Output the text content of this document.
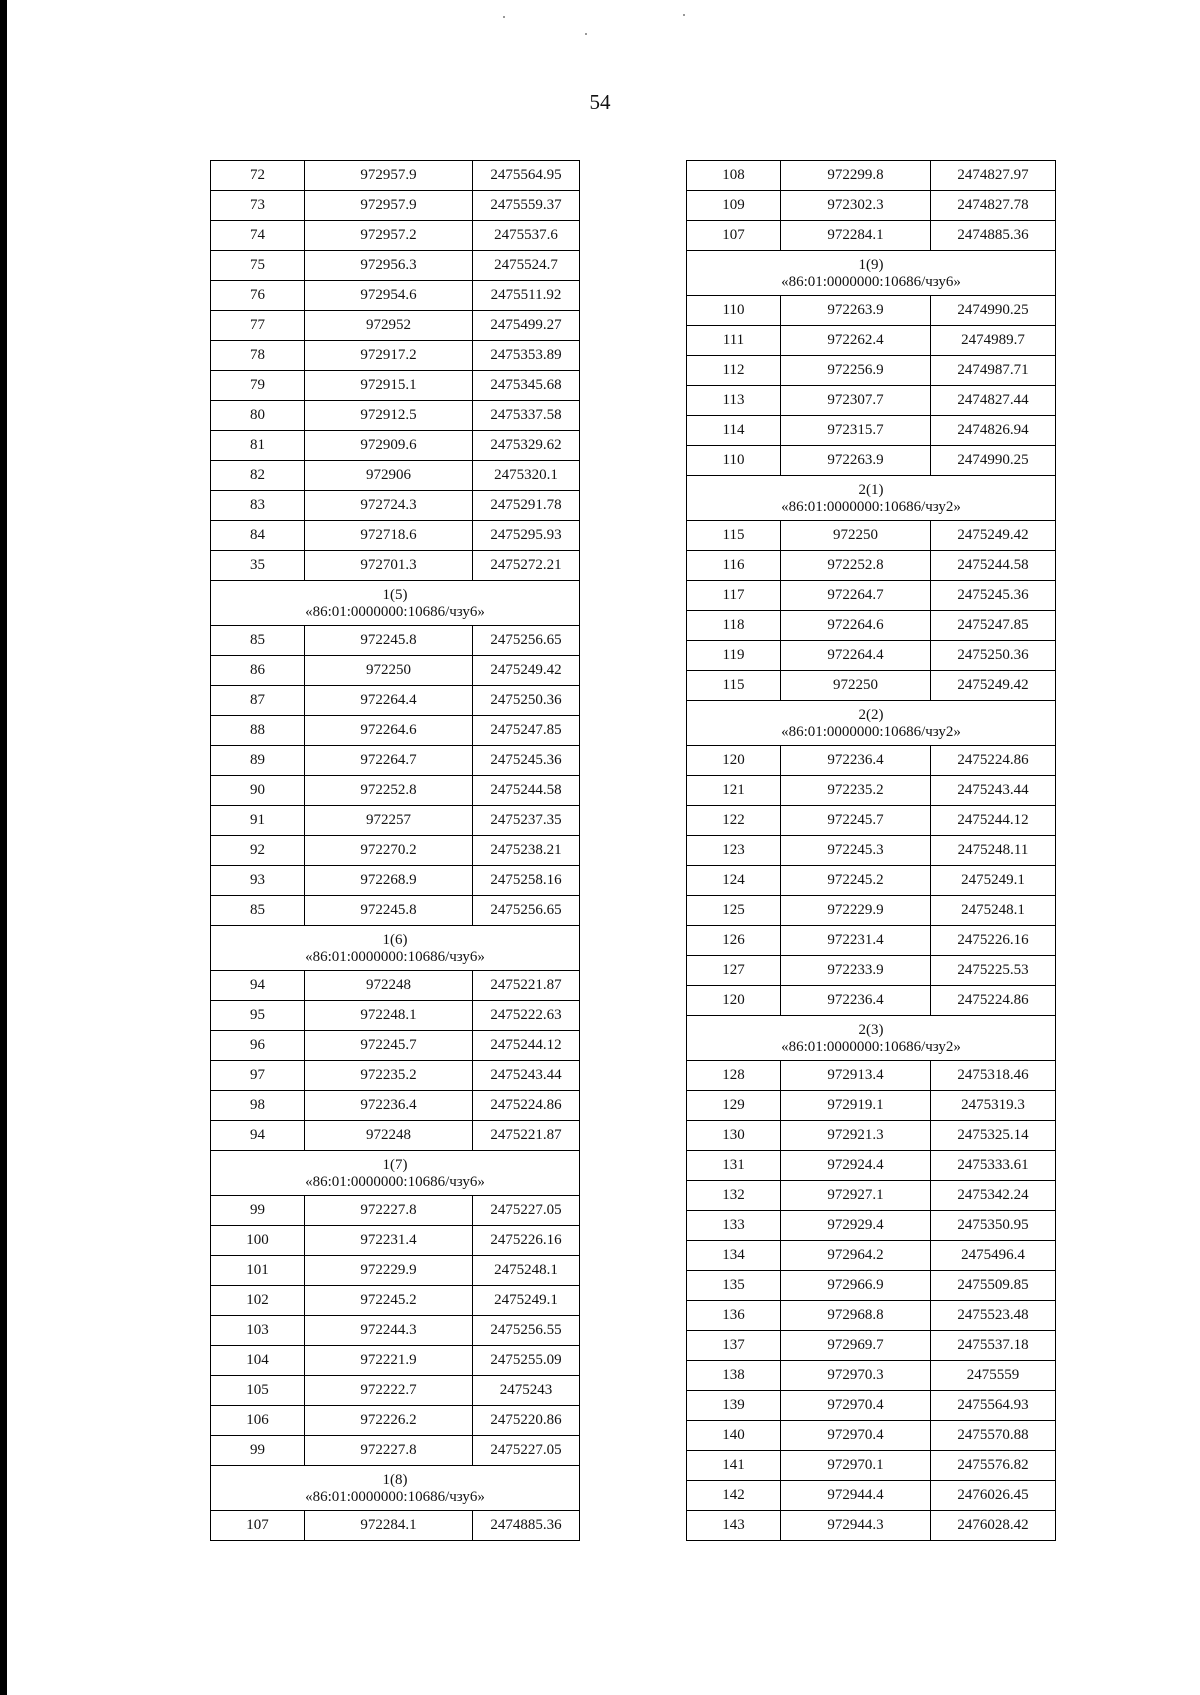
54
72	972957.9	2475564.95
73	972957.9	2475559.37
74	972957.2	2475537.6
75	972956.3	2475524.7
76	972954.6	2475511.92
77	972952	2475499.27
78	972917.2	2475353.89
79	972915.1	2475345.68
80	972912.5	2475337.58
81	972909.6	2475329.62
82	972906	2475320.1
83	972724.3	2475291.78
84	972718.6	2475295.93
35	972701.3	2475272.21

1(5)
«86:01:0000000:10686/чзу6»		

85	972245.8	2475256.65
86	972250	2475249.42
87	972264.4	2475250.36
88	972264.6	2475247.85
89	972264.7	2475245.36
90	972252.8	2475244.58
91	972257	2475237.35
92	972270.2	2475238.21
93	972268.9	2475258.16
85	972245.8	2475256.65

1(6)
«86:01:0000000:10686/чзу6»		

94	972248	2475221.87
95	972248.1	2475222.63
96	972245.7	2475244.12
97	972235.2	2475243.44
98	972236.4	2475224.86
94	972248	2475221.87

1(7)
«86:01:0000000:10686/чзу6»		

99	972227.8	2475227.05
100	972231.4	2475226.16
101	972229.9	2475248.1
102	972245.2	2475249.1
103	972244.3	2475256.55
104	972221.9	2475255.09
105	972222.7	2475243
106	972226.2	2475220.86
99	972227.8	2475227.05

1(8)
«86:01:0000000:10686/чзу6»		

107	972284.1	2474885.36
108	972299.8	2474827.97
109	972302.3	2474827.78
107	972284.1	2474885.36

1(9)
«86:01:0000000:10686/чзу6»		

110	972263.9	2474990.25
111	972262.4	2474989.7
112	972256.9	2474987.71
113	972307.7	2474827.44
114	972315.7	2474826.94
110	972263.9	2474990.25

2(1)
«86:01:0000000:10686/чзу2»		

115	972250	2475249.42
116	972252.8	2475244.58
117	972264.7	2475245.36
118	972264.6	2475247.85
119	972264.4	2475250.36
115	972250	2475249.42

2(2)
«86:01:0000000:10686/чзу2»		

120	972236.4	2475224.86
121	972235.2	2475243.44
122	972245.7	2475244.12
123	972245.3	2475248.11
124	972245.2	2475249.1
125	972229.9	2475248.1
126	972231.4	2475226.16
127	972233.9	2475225.53
120	972236.4	2475224.86

2(3)
«86:01:0000000:10686/чзу2»		

128	972913.4	2475318.46
129	972919.1	2475319.3
130	972921.3	2475325.14
131	972924.4	2475333.61
132	972927.1	2475342.24
133	972929.4	2475350.95
134	972964.2	2475496.4
135	972966.9	2475509.85
136	972968.8	2475523.48
137	972969.7	2475537.18
138	972970.3	2475559
139	972970.4	2475564.93
140	972970.4	2475570.88
141	972970.1	2475576.82
142	972944.4	2476026.45
143	972944.3	2476028.42
